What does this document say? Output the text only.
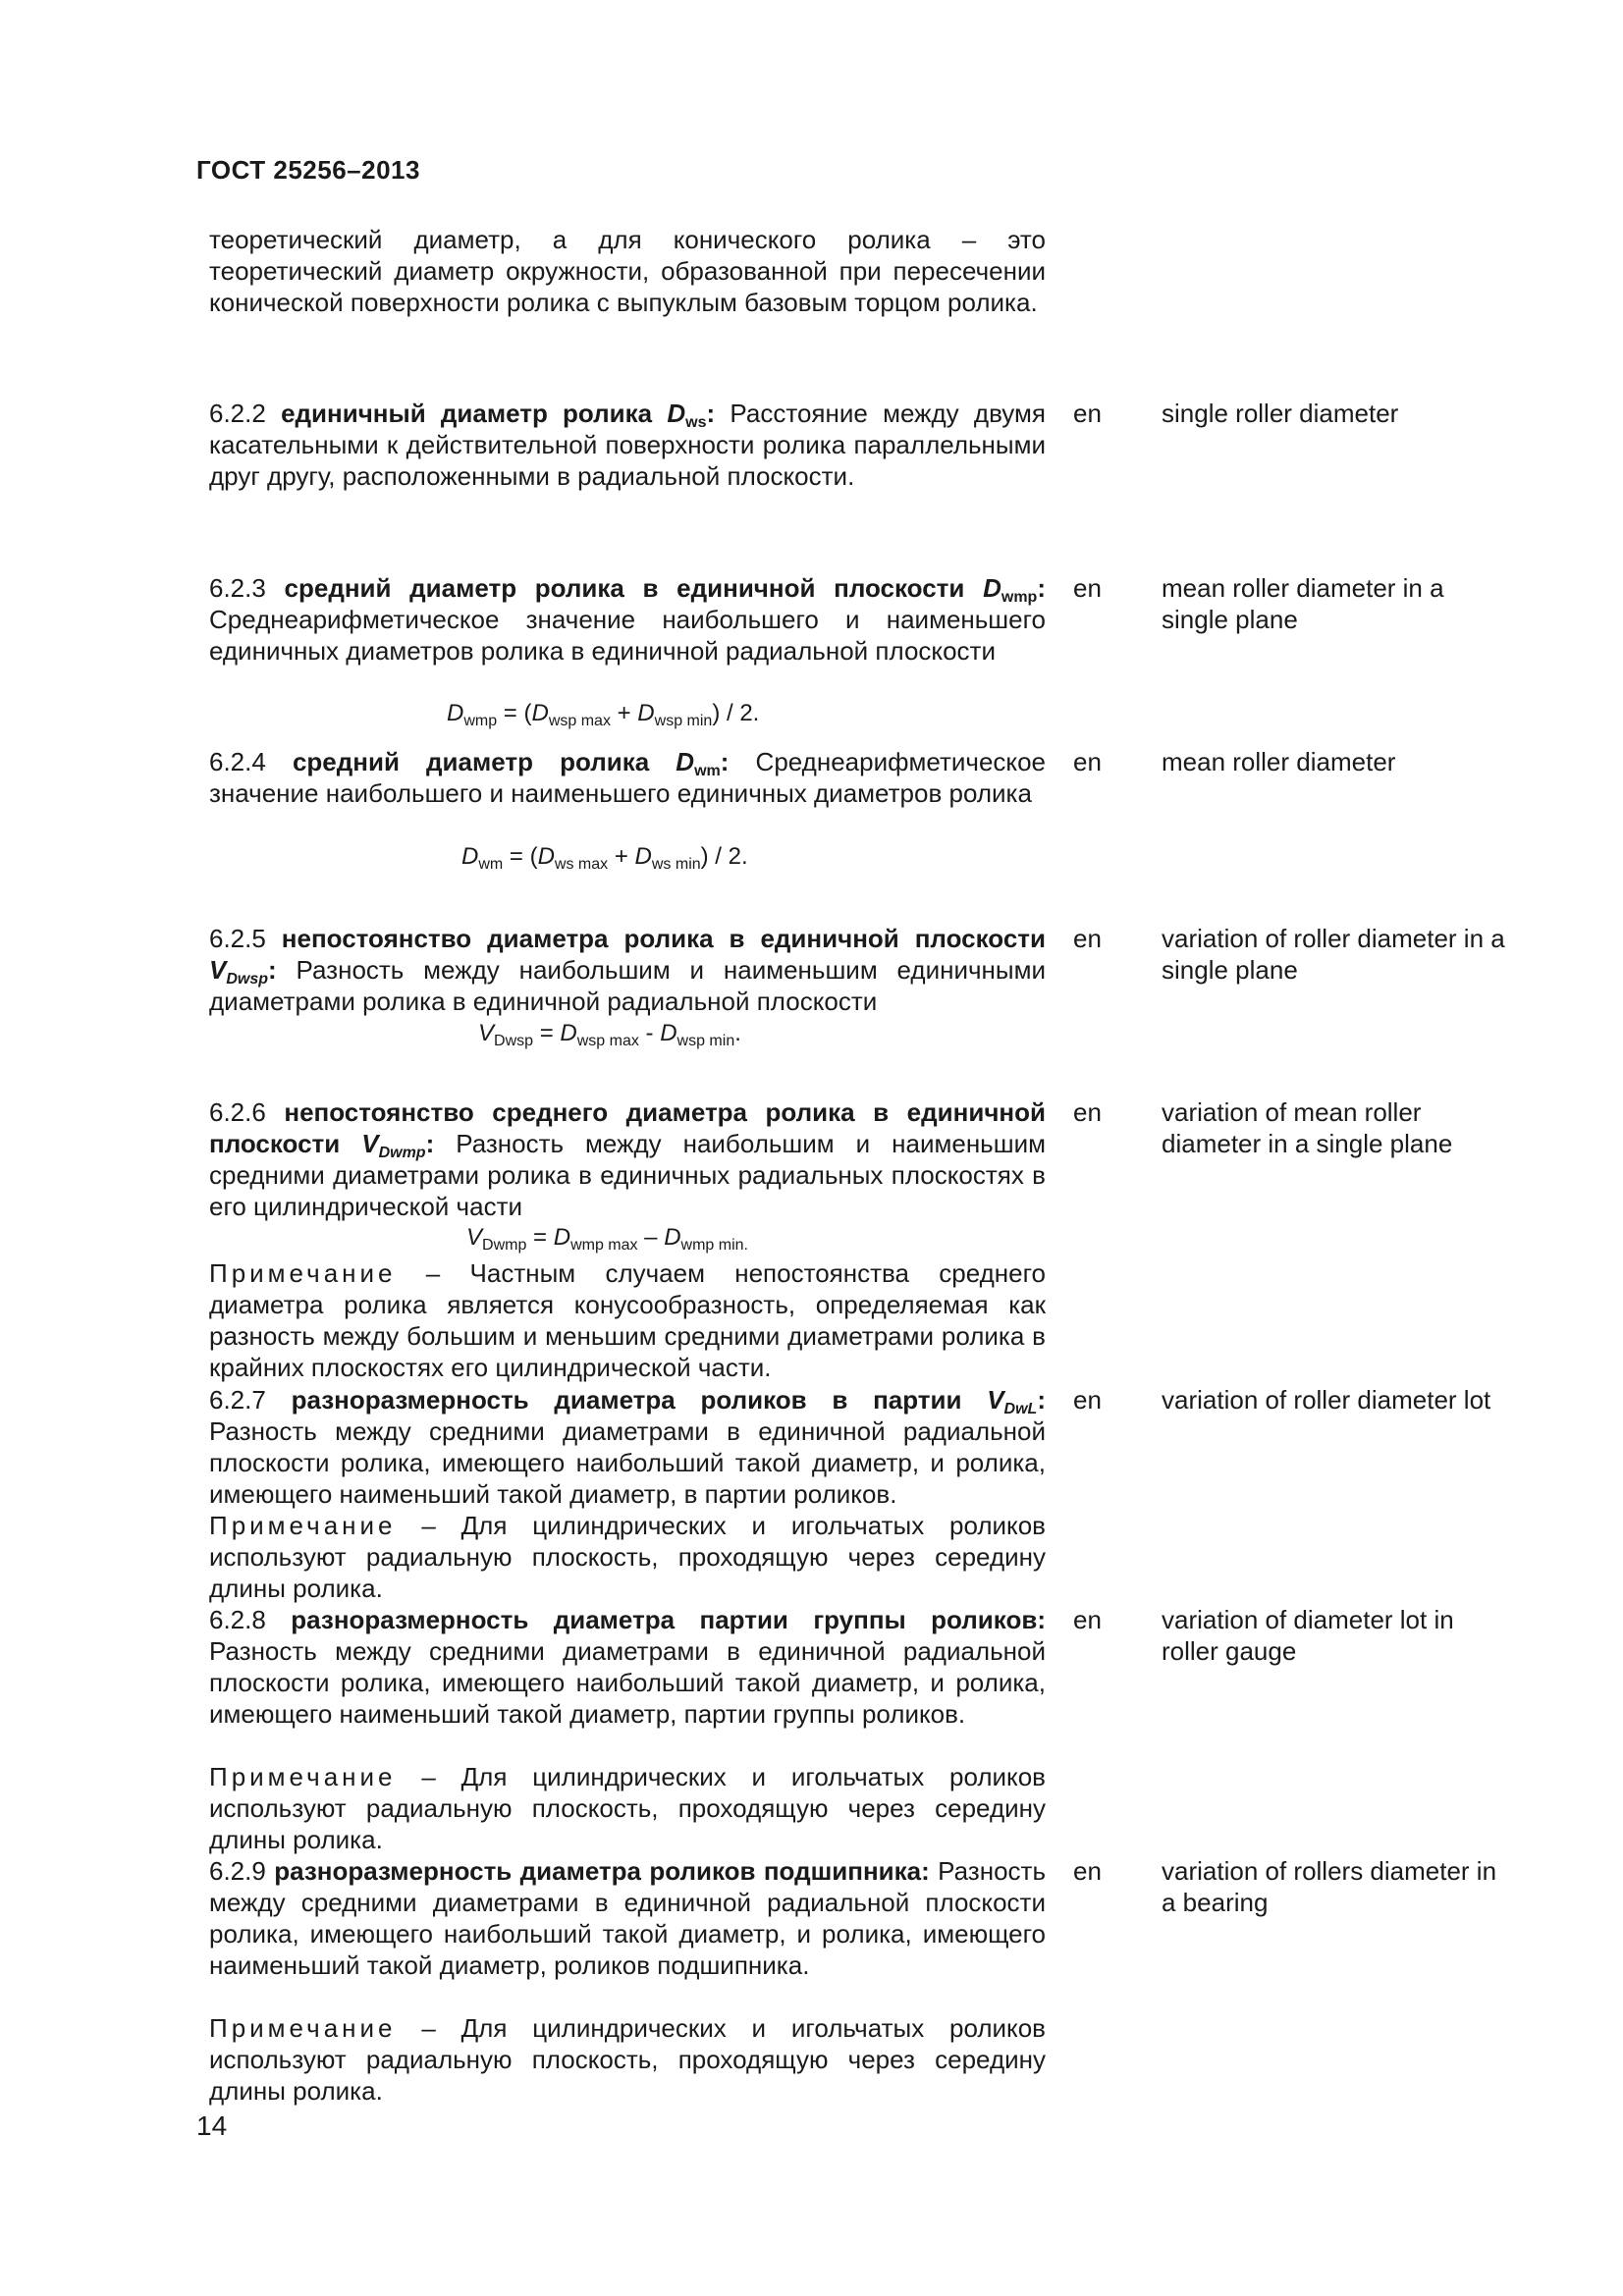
ГОСТ 25256–2013
теоретический диаметр, а для конического ролика – это теоретический диаметр окружности, образованной при пересечении конической поверхности ролика с выпуклым базовым торцом ролика.
6.2.2 единичный диаметр ролика $D_{ws}$: Расстояние между двумя касательными к действительной поверхности ролика параллельными друг другу, расположенными в радиальной плоскости.
en single roller diameter
6.2.3 средний диаметр ролика в единичной плоскости $D_{wmp}$: Среднеарифметическое значение наибольшего и наименьшего единичных диаметров ролика в единичной радиальной плоскости
$D_{wmp} = (D_{wsp max} + D_{wsp min}) / 2$.
en mean roller diameter in a single plane
6.2.4 средний диаметр ролика $D_{wm}$: Среднеарифметическое значение наибольшего и наименьшего единичных диаметров ролика
$D_{wm} = (D_{ws max} + D_{ws min}) / 2$.
en mean roller diameter
6.2.5 непостоянство диаметра ролика в единичной плоскости $V_{Dwsp}$: Разность между наибольшим и наименьшим единичными диаметрами ролика в единичной радиальной плоскости
$V_{Dwsp} = D_{wsp max} - D_{wsp min}$.
en variation of roller diameter in a single plane
6.2.6 непостоянство среднего диаметра ролика в единичной плоскости $V_{Dwmp}$: Разность между наибольшим и наименьшим средними диаметрами ролика в единичных радиальных плоскостях в его цилиндрической части
$V_{Dwmp} = D_{wmp max} - D_{wmp min.}$
Примечание – Частным случаем непостоянства среднего диаметра ролика является конусообразность, определяемая как разность между большим и меньшим средними диаметрами ролика в крайних плоскостях его цилиндрической части.
en variation of mean roller diameter in a single plane
6.2.7 разноразмерность диаметра роликов в партии $V_{DwL}$: Разность между средними диаметрами в единичной радиальной плоскости ролика, имеющего наибольший такой диаметр, и ролика, имеющего наименьший такой диаметр, в партии роликов.
Примечание – Для цилиндрических и игольчатых роликов используют радиальную плоскость, проходящую через середину длины ролика.
en variation of roller diameter lot
6.2.8 разноразмерность диаметра партии группы роликов: Разность между средними диаметрами в единичной радиальной плоскости ролика, имеющего наибольший такой диаметр, и ролика, имеющего наименьший такой диаметр, партии группы роликов.
Примечание – Для цилиндрических и игольчатых роликов используют радиальную плоскость, проходящую через середину длины ролика.
en variation of diameter lot in roller gauge
6.2.9 разноразмерность диаметра роликов подшипника: Разность между средними диаметрами в единичной радиальной плоскости ролика, имеющего наибольший такой диаметр, и ролика, имеющего наименьший такой диаметр, роликов подшипника.
Примечание – Для цилиндрических и игольчатых роликов используют радиальную плоскость, проходящую через середину длины ролика.
en variation of rollers diameter in a bearing
14
